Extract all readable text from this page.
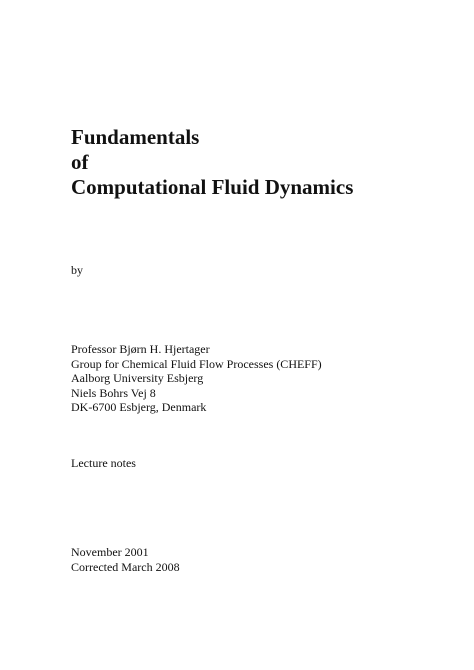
Fundamentals
of
Computational Fluid Dynamics

by

Professor Bjørn H. Hjertager
Group for Chemical Fluid Flow Processes (CHEFF)
Aalborg University Esbjerg
Niels Bohrs Vej 8
DK-6700 Esbjerg, Denmark

Lecture notes

November 2001
Corrected March 2008
